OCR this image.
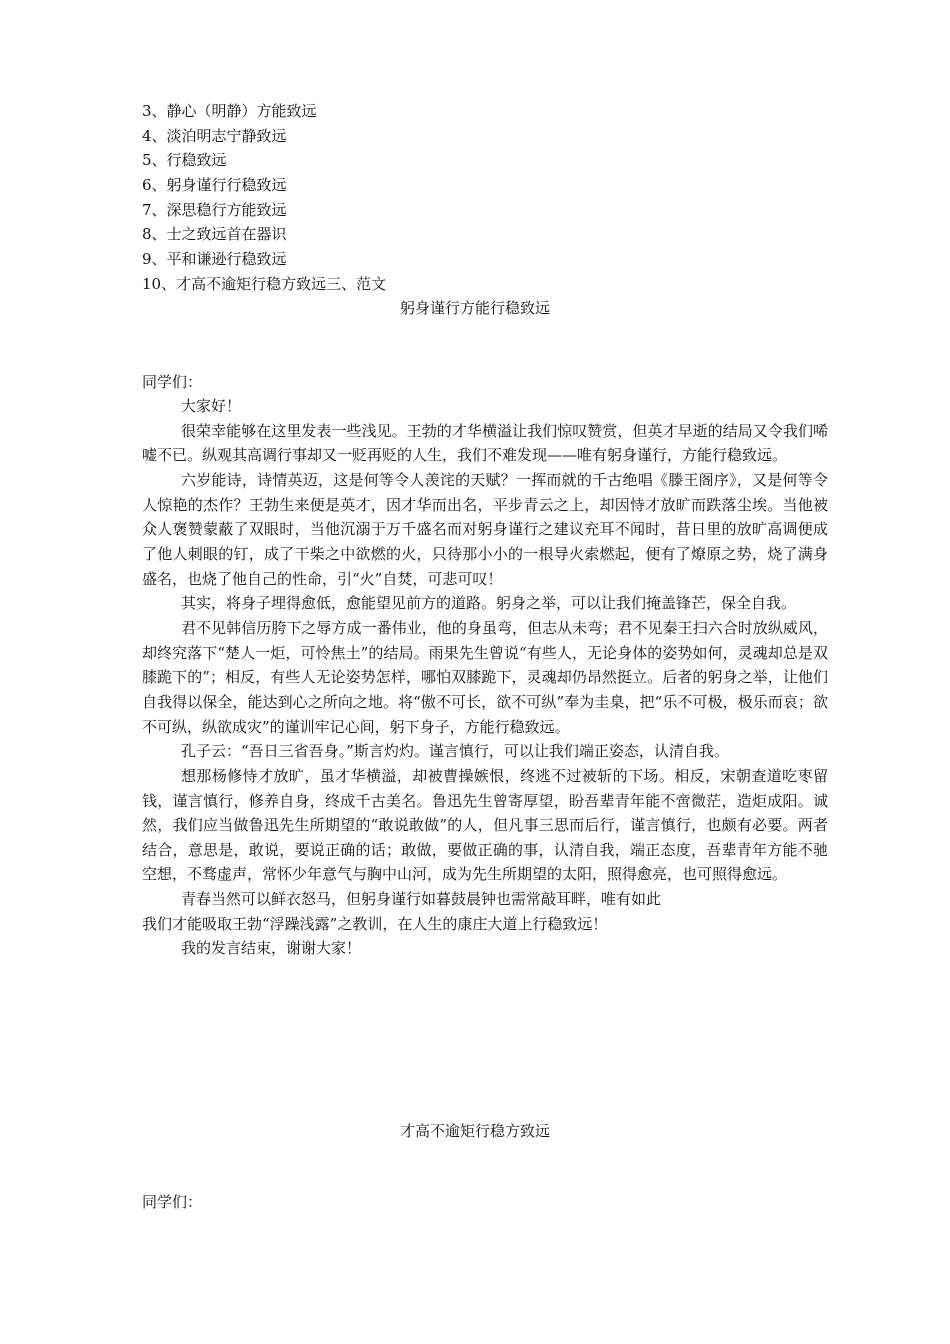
3、静心（明静）方能致远
4、淡泊明志宁静致远
5、行稳致远
6、躬身谨行行稳致远
7、深思稳行方能致远
8、士之致远首在器识
9、平和谦逊行稳致远
10、才高不逾矩行稳方致远三、范文
躬身谨行方能行稳致远
同学们：

大家好！

很荣幸能够在这里发表一些浅见。王勃的才华横溢让我们惊叹赞赏，但英才早逝的结局又令我们唏嘘不已。纵观其高调行事却又一贬再贬的人生，我们不难发现——唯有躬身谨行，方能行稳致远。

六岁能诗，诗情英迈，这是何等令人羡诧的天赋？一挥而就的千古绝唱《滕王阁序》，又是何等令人惊艳的杰作？王勃生来便是英才，因才华而出名，平步青云之上，却因恃才放旷而跌落尘埃。当他被众人褒赞蒙蔽了双眼时，当他沉溺于万千盛名而对躬身谨行之建议充耳不闻时，昔日里的放旷高调便成了他人刺眼的钉，成了干柴之中欲燃的火，只待那小小的一根导火索燃起，便有了燎原之势，烧了满身盛名，也烧了他自己的性命，引“火”自焚，可悲可叹！

其实，将身子埋得愈低，愈能望见前方的道路。躬身之举，可以让我们掩盖锋芒，保全自我。

君不见韩信历胯下之辱方成一番伟业，他的身虽弯，但志从未弯；君不见秦王扫六合时放纵威风，却终究落下“楚人一炬，可怜焦土”的结局。雨果先生曾说“有些人，无论身体的姿势如何，灵魂却总是双膝跪下的”；相反，有些人无论姿势怎样，哪怕双膝跪下，灵魂却仍昂然挺立。后者的躬身之举，让他们自我得以保全，能达到心之所向之地。将“傲不可长，欲不可纵”奉为圭臬，把“乐不可极，极乐而哀；欲不可纵，纵欲成灾”的谨训牢记心间，躬下身子，方能行稳致远。

孔子云：“吾日三省吾身。”斯言灼灼。谨言慎行，可以让我们端正姿态，认清自我。

想那杨修恃才放旷，虽才华横溢，却被曹操嫉恨，终逃不过被斩的下场。相反，宋朝查道吃枣留钱，谨言慎行，修养自身，终成千古美名。鲁迅先生曾寄厚望，盼吾辈青年能不啻微茫，造炬成阳。诚然，我们应当做鲁迅先生所期望的“敢说敢做”的人，但凡事三思而后行，谨言慎行，也颇有必要。两者结合，意思是，敢说，要说正确的话；敢做，要做正确的事，认清自我，端正态度，吾辈青年方能不驰空想，不骛虚声，常怀少年意气与胸中山河，成为先生所期望的太阳，照得愈亮，也可照得愈远。

青春当然可以鲜衣怒马，但躬身谨行如暮鼓晨钟也需常敲耳畔，唯有如此

我们才能吸取王勃“浮躁浅露”之教训，在人生的康庄大道上行稳致远！

我的发言结束，谢谢大家！

才高不逾矩行稳方致远
同学们：
